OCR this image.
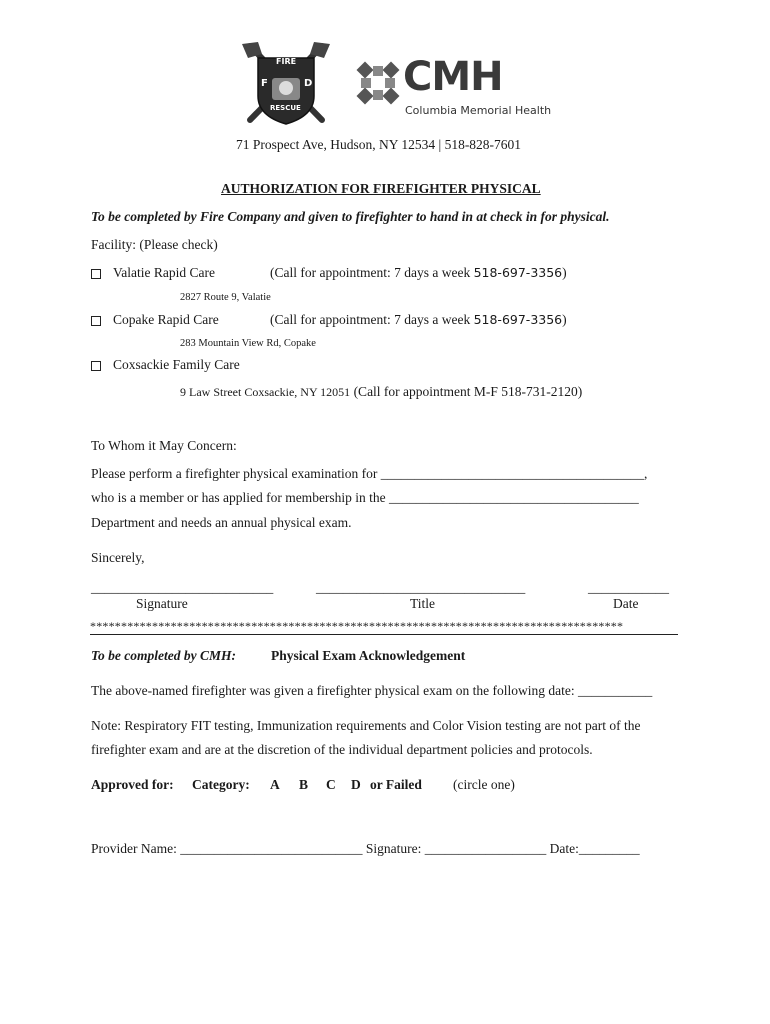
FIRE
F	D
RESCUE
CMH
Columbia Memorial Health
71 Prospect Ave, Hudson, NY 12534 | 518-828-7601
AUTHORIZATION FOR FIREFIGHTER PHYSICAL
To be completed by Fire Company and given to firefighter to hand in at check in for physical.
Facility: (Please check)
Valatie Rapid Care	(Call for appointment: 7 days a week 518-697-3356)
2827 Route 9, Valatie
Copake Rapid Care	(Call for appointment: 7 days a week 518-697-3356)
283 Mountain View Rd, Copake
Coxsackie Family Care
9 Law Street Coxsackie, NY 12051 (Call for appointment M-F 518-731-2120)
To Whom it May Concern:
Please perform a firefighter physical examination for _______________________________________,
who is a member or has applied for membership in the _____________________________________
Department and needs an annual physical exam.
Sincerely,
___________________________	_______________________________	____________
Signature	Title	Date
**************************************************************************************
To be completed by CMH:	Physical Exam Acknowledgement
The above-named firefighter was given a firefighter physical exam on the following date: ___________
Note: Respiratory FIT testing, Immunization requirements and Color Vision testing are not part of the
firefighter exam and are at the discretion of the individual department policies and protocols.
Approved for: Category: A B C D or Failed (circle one)
Provider Name: ___________________________ Signature: __________________ Date:_________
